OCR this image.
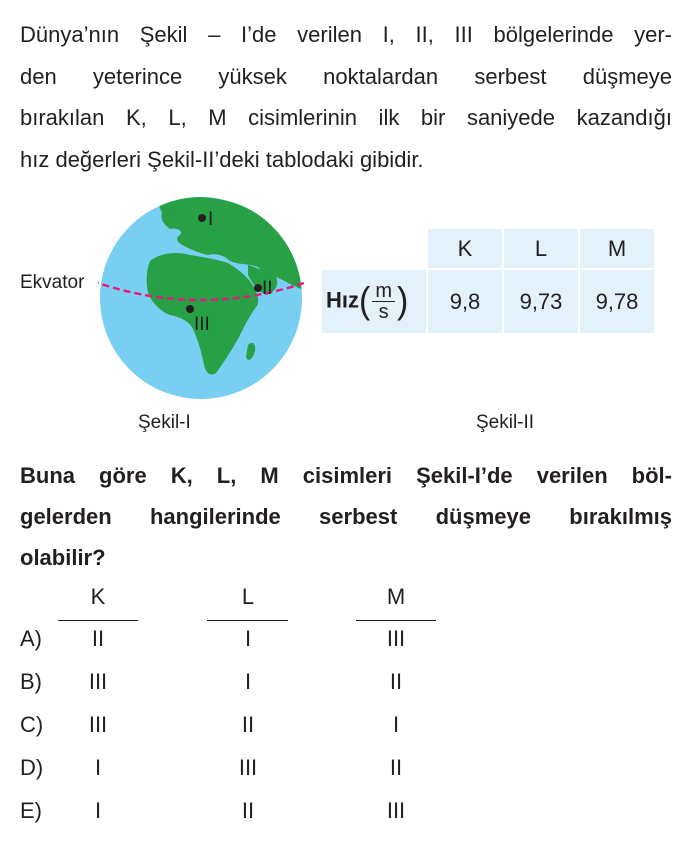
Dünya’nın Şekil – I’de verilen I, II, III bölgelerinde yer-
den yeterince yüksek noktalardan serbest düşmeye
bırakılan K, L, M cisimlerinin ilk bir saniyede kazandığı
hız değerleri Şekil-II’deki tablodaki gibidir.
Ekvator
I
II
III
Şekil-I
	K	L	M
Hız( $\frac{m}{s}$ )	9,8	9,73	9,78
Şekil-II
Buna göre K, L, M cisimleri Şekil-I’de verilen böl-
gelerden hangilerinde serbest düşmeye bırakılmış
olabilir?
K	L	M
A)	II	I	III
B)	III	I	II
C)	III	II	I
D)	I	III	II
E)	I	II	III
